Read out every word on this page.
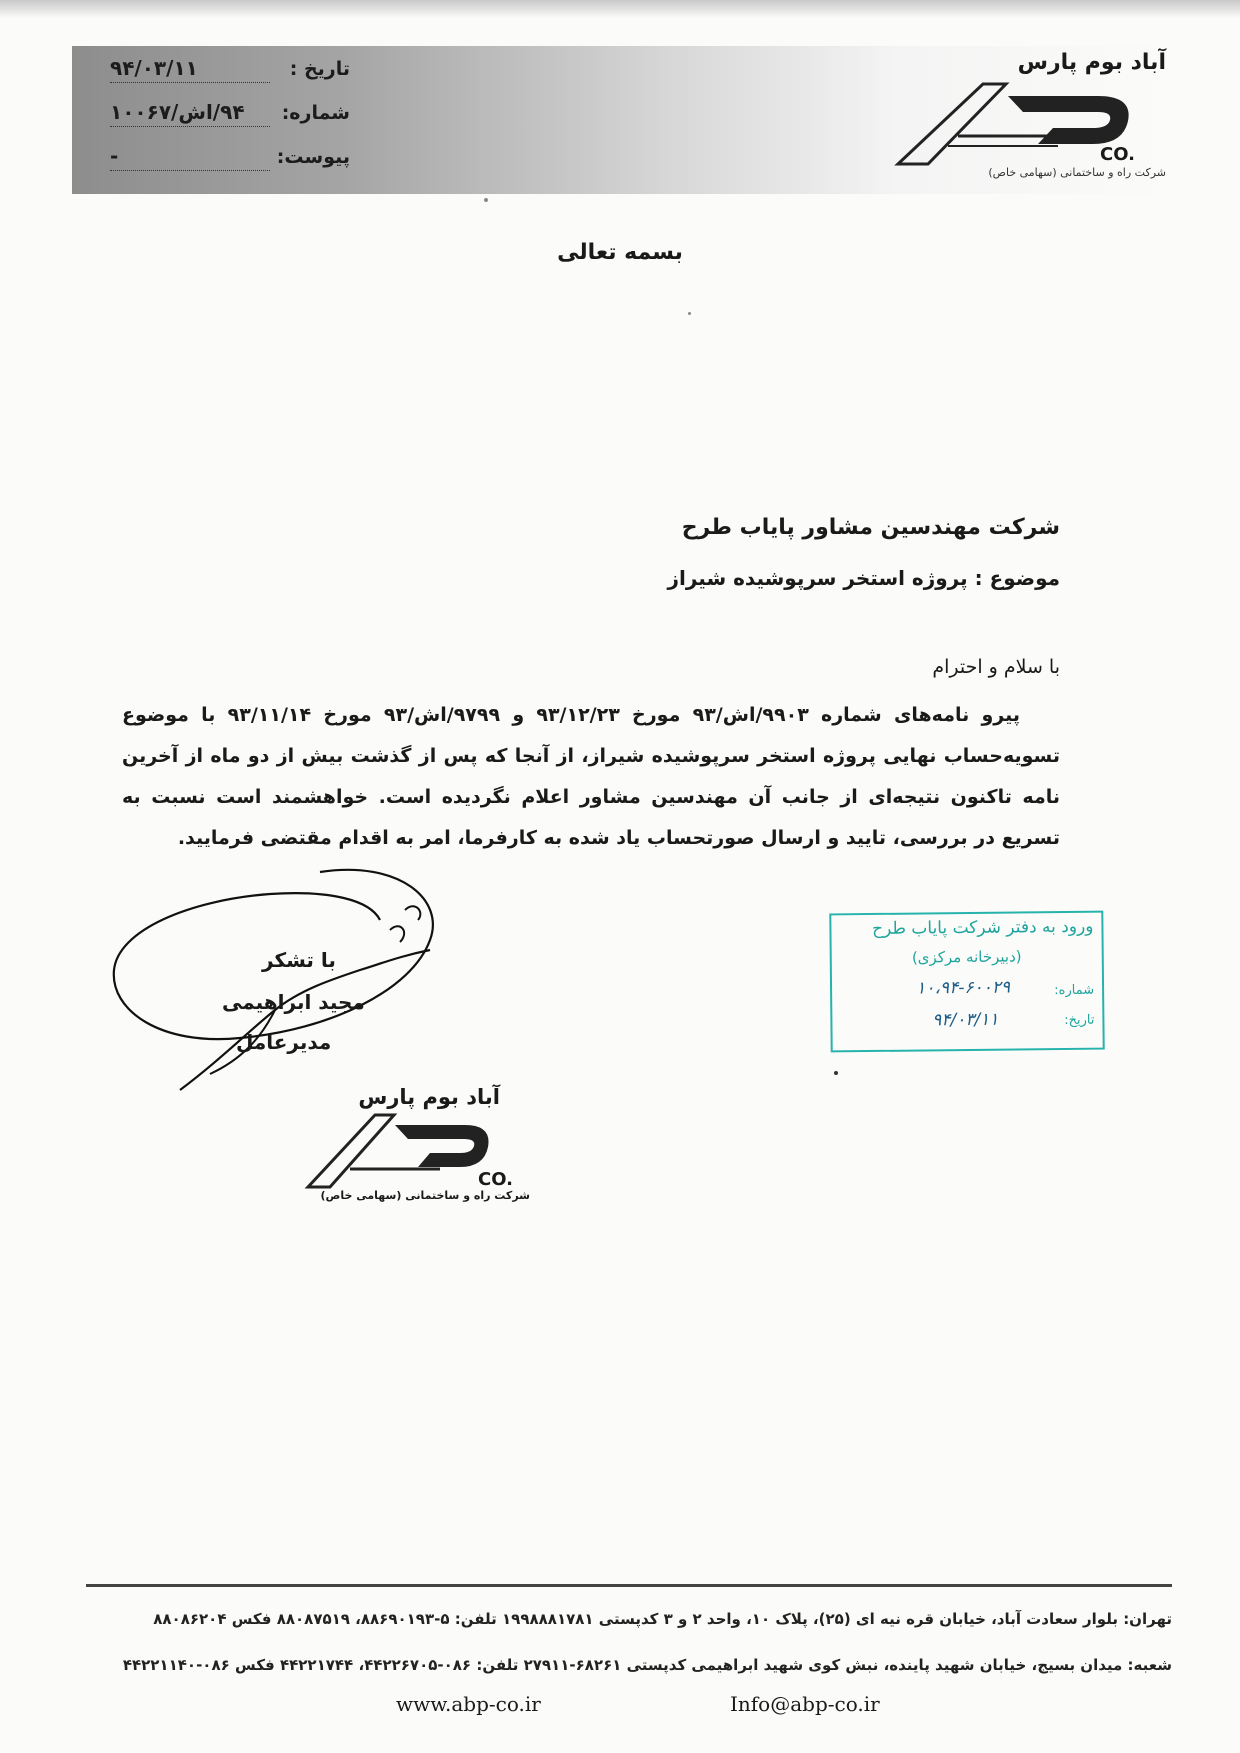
تاریخ :
۹۴/۰۳/۱۱
شماره:
۹۴/اش/۱۰۰۶۷
پیوست:
-
آباد بوم پارس
CO.
شرکت راه و ساختمانی (سهامی خاص)
بسمه تعالی
شرکت مهندسین مشاور پایاب طرح
موضوع : پروژه استخر سرپوشیده شیراز
با سلام و احترام

پیرو نامه‌های شماره ۹۹۰۳/اش/۹۳ مورخ ۹۳/۱۲/۲۳ و ۹۷۹۹/اش/۹۳ مورخ ۹۳/۱۱/۱۴ با موضوع تسویه‌حساب نهایی پروژه استخر سرپوشیده شیراز، از آنجا که پس از گذشت بیش از دو ماه از آخرین نامه تاکنون نتیجه‌ای از جانب آن مهندسین مشاور اعلام نگردیده است. خواهشمند است نسبت به تسریع در بررسی، تایید و ارسال صورتحساب یاد شده به کارفرما، امر به اقدام مقتضی فرمایید.

با تشکر
مجید ابراهیمی
مدیرعامل
آباد بوم پارس
CO.
شرکت راه و ساختمانی (سهامی خاص)
ورود به دفتر شرکت پایاب طرح
(دبیرخانه مرکزی)
شماره:
۱۰،۹۴-۶۰۰۲۹
تاریخ:
۹۴/۰۳/۱۱
تهران: بلوار سعادت آباد، خیابان قره نیه ای (۲۵)، پلاک ۱۰، واحد ۲ و ۳ کدپستی ۱۹۹۸۸۸۱۷۸۱ تلفن: ۵-۸۸۶۹۰۱۹۳، ۸۸۰۸۷۵۱۹ فکس ۸۸۰۸۶۲۰۴
شعبه: میدان بسیج، خیابان شهید پاینده، نبش کوی شهید ابراهیمی کدپستی ۶۸۲۶۱-۲۷۹۱۱ تلفن: ۰۸۶-۴۴۲۲۶۷۰۵، ۴۴۲۲۱۷۴۴ فکس ۰۸۶-۴۴۲۲۱۱۴۰
www.abp-co.ir	Info@abp-co.ir
